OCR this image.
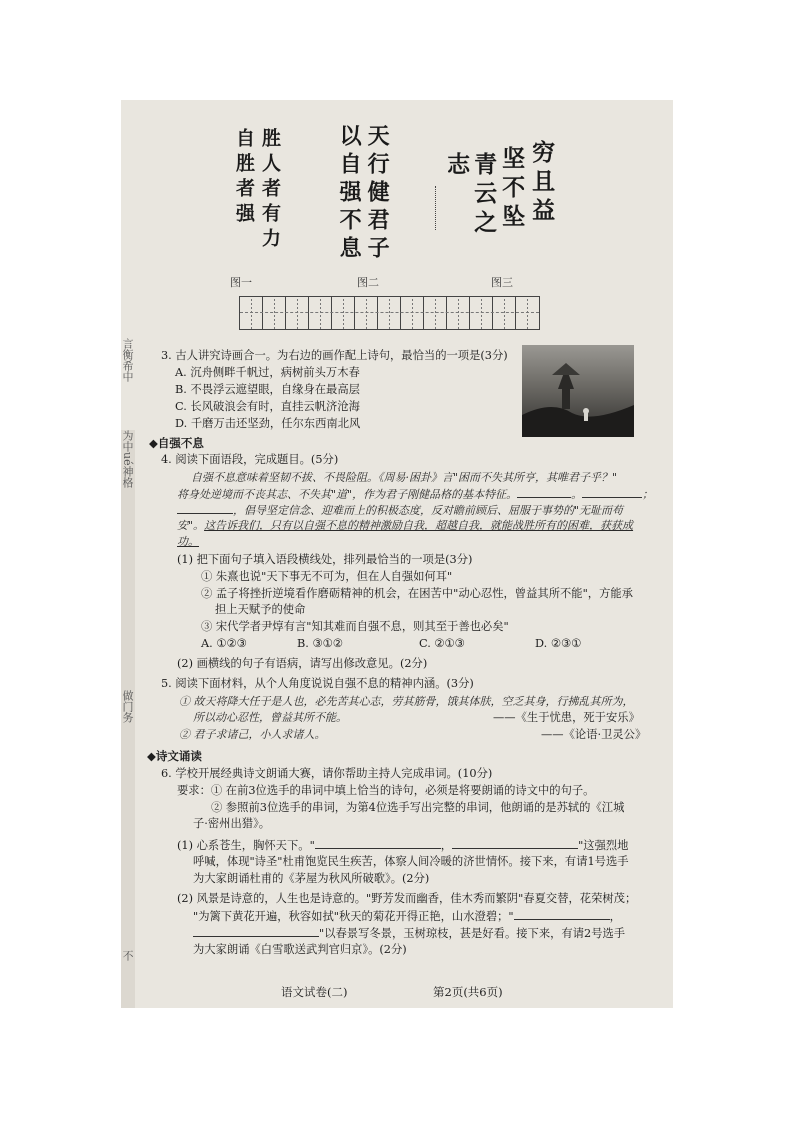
言衡希中
为中ué神格
做门务
不
胜人者有力
自胜者强	天行健君子
以自强不息	穷且益
坚不坠
青云之
志
图一	图二	图三
3. 古人讲究诗画合一。为右边的画作配上诗句，最恰当的一项是(3分)
A. 沉舟侧畔千帆过，病树前头万木春
B. 不畏浮云遮望眼，自缘身在最高层
C. 长风破浪会有时，直挂云帆济沧海
D. 千磨万击还坚劲，任尔东西南北风
◆自强不息
4. 阅读下面语段，完成题目。(5分)
自强不息意味着坚韧不拔、不畏险阻。《周易·困卦》言"困而不失其所亨，其唯君子乎？"
将身处逆境而不丧其志、不失其"道"，作为君子刚健品格的基本特征。	。	；
，倡导坚定信念、迎难而上的积极态度，反对瞻前顾后、屈服于事势的"无耻而苟
安"。这告诉我们，只有以自强不息的精神激励自我，超越自我，就能战胜所有的困难，获获成
功。
(1) 把下面句子填入语段横线处，排列最恰当的一项是(3分)
① 朱熹也说"天下事无不可为，但在人自强如何耳"
② 孟子将挫折逆境看作磨砺精神的机会，在困苦中"动心忍性，曾益其所不能"，方能承
担上天赋予的使命
③ 宋代学者尹焞有言"知其难而自强不息，则其至于善也必矣"
A. ①②③	B. ③①②	C. ②①③	D. ②③①
(2) 画横线的句子有语病，请写出修改意见。(2分)
5. 阅读下面材料，从个人角度说说自强不息的精神内涵。(3分)
① 故天将降大任于是人也，必先苦其心志，劳其筋骨，饿其体肤，空乏其身，行拂乱其所为，
所以动心忍性，曾益其所不能。	——《生于忧患，死于安乐》
② 君子求诸己，小人求诸人。	——《论语·卫灵公》
◆诗文诵读
6. 学校开展经典诗文朗诵大赛，请你帮助主持人完成串词。(10分)
要求：① 在前3位选手的串词中填上恰当的诗句，必须是将要朗诵的诗文中的句子。
② 参照前3位选手的串词，为第4位选手写出完整的串词，他朗诵的是苏轼的《江城
子·密州出猎》。
(1) 心系苍生，胸怀天下。"	，	"这强烈地
呼喊，体现"诗圣"杜甫饱览民生疾苦，体察人间冷暖的济世情怀。接下来，有请1号选手
为大家朗诵杜甫的《茅屋为秋风所破歌》。(2分)
(2) 风景是诗意的，人生也是诗意的。"野芳发而幽香，佳木秀而繁阴"春夏交替，花荣树茂；
"为篱下黄花开遍，秋容如拭"秋天的菊花开得正艳，山水澄碧；"	，
"以春景写冬景，玉树琼枝，甚是好看。接下来，有请2号选手
为大家朗诵《白雪歌送武判官归京》。(2分)
语文试卷(二)	第2页(共6页)
